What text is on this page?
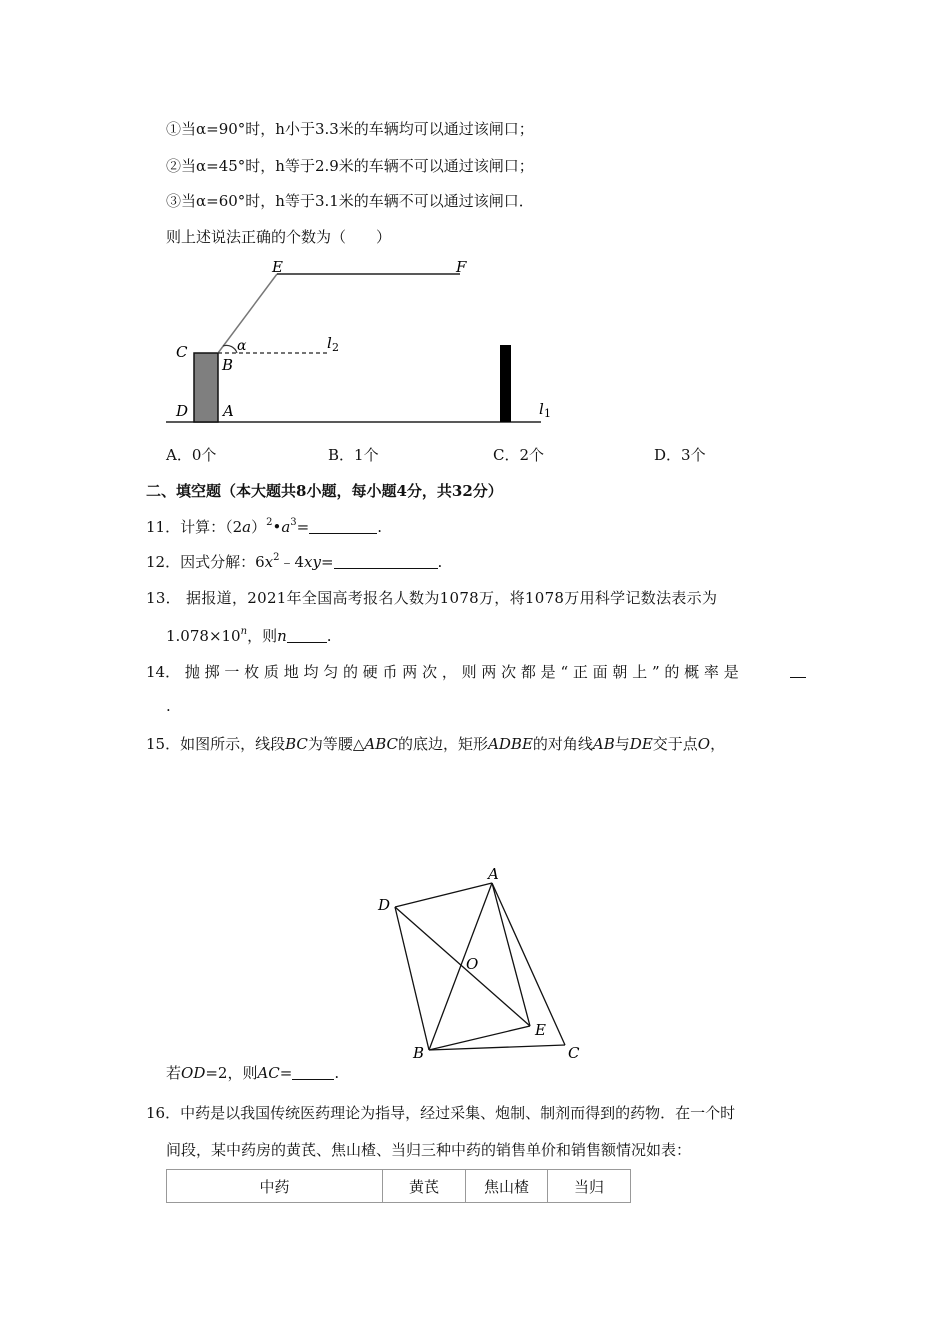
①当α=90°时，h小于3.3米的车辆均可以通过该闸口；
②当α=45°时，h等于2.9米的车辆不可以通过该闸口；
③当α=60°时，h等于3.1米的车辆不可以通过该闸口．
则上述说法正确的个数为（　　）
E	F
C	α	l 2
B
D A	l 1
A．0个	B．1个	C．2个	D．3个
二、填空题（本大题共8小题，每小题4分，共32分）
11．计算：$(2a)^2•a^3=$	.
12．因式分解：$6x^2﹣4xy=$	.
13． 据报道，2021年全国高考报名人数为1078万，将1078万用科学记数法表示为
$1.078\times 10^n$，则n	.
14． 抛 掷 一 枚 质 地 均 匀 的 硬 币 两 次 ， 则 两 次 都 是 “ 正 面 朝 上 ” 的 概 率 是
.
15．如图所示，线段BC为等腰△ABC的底边，矩形ADBE的对角线AB与DE交于点O，
A
D
O
E
B	C
若OD=2，则AC=	.
16．中药是以我国传统医药理论为指导，经过采集、炮制、制剂而得到的药物．在一个时
间段，某中药房的黄芪、焦山楂、当归三种中药的销售单价和销售额情况如表：
中药	黄芪	焦山楂	当归
